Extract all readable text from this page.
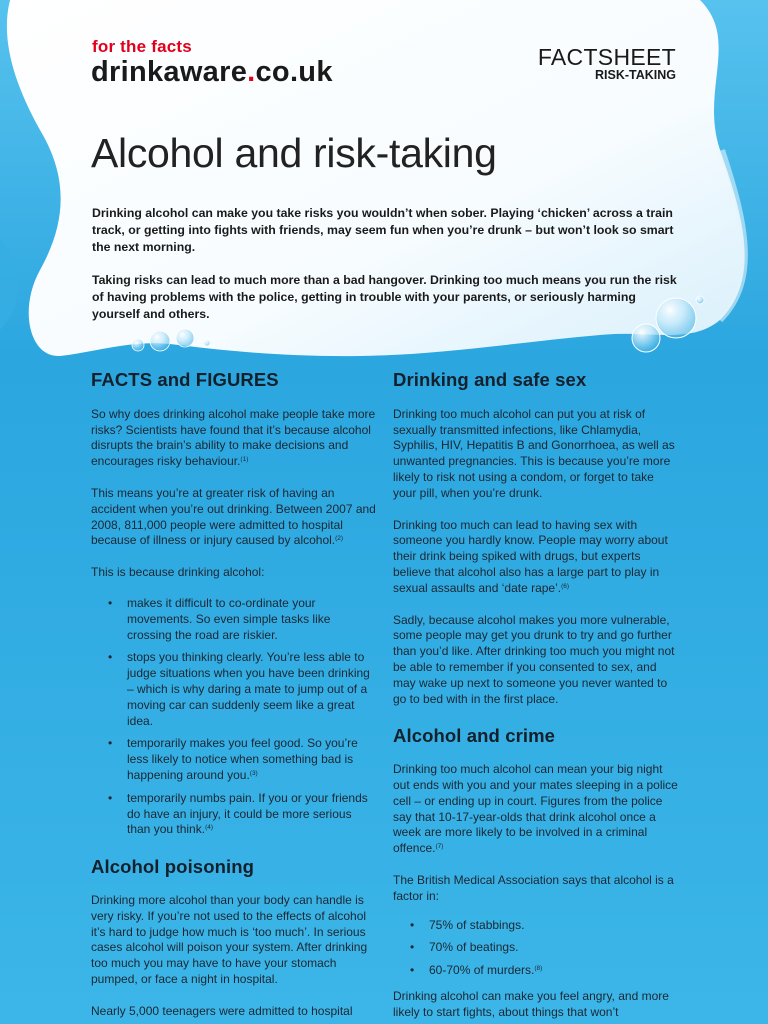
for the facts
drinkaware.co.uk	FACTSHEET
RISK-TAKING
Alcohol and risk-taking

Drinking alcohol can make you take risks you wouldn’t when sober. Playing ‘chicken’ across a train track, or getting into fights with friends, may seem fun when you’re drunk – but won’t look so smart the next morning.

Taking risks can lead to much more than a bad hangover. Drinking too much means you run the risk of having problems with the police, getting in trouble with your parents, or seriously harming yourself and others.

FACTS and FIGURES

So why does drinking alcohol make people take more risks? Scientists have found that it’s because alcohol disrupts the brain’s ability to make decisions and encourages risky behaviour.$^{(1)}$

This means you’re at greater risk of having an accident when you’re out drinking. Between 2007 and 2008, 811,000 people were admitted to hospital because of illness or injury caused by alcohol.$^{(2)}$

This is because drinking alcohol:

• makes it difficult to co-ordinate your movements. So even simple tasks like crossing the road are riskier.
• stops you thinking clearly. You’re less able to judge situations when you have been drinking – which is why daring a mate to jump out of a moving car can suddenly seem like a great idea.
• temporarily makes you feel good. So you’re less likely to notice when something bad is happening around you.$^{(3)}$
• temporarily numbs pain. If you or your friends do have an injury, it could be more serious than you think.$^{(4)}$
Alcohol poisoning

Drinking more alcohol than your body can handle is very risky. If you’re not used to the effects of alcohol it’s hard to judge how much is ‘too much’. In serious cases alcohol will poison your system. After drinking too much you may have to have your stomach pumped, or face a night in hospital.

Nearly 5,000 teenagers were admitted to hospital

Drinking and safe sex

Drinking too much alcohol can put you at risk of sexually transmitted infections, like Chlamydia, Syphilis, HIV, Hepatitis B and Gonorrhoea, as well as unwanted pregnancies. This is because you’re more likely to risk not using a condom, or forget to take your pill, when you’re drunk.

Drinking too much can lead to having sex with someone you hardly know. People may worry about their drink being spiked with drugs, but experts believe that alcohol also has a large part to play in sexual assaults and ‘date rape’.$^{(6)}$

Sadly, because alcohol makes you more vulnerable, some people may get you drunk to try and go further than you’d like. After drinking too much you might not be able to remember if you consented to sex, and may wake up next to someone you never wanted to go to bed with in the first place.

Alcohol and crime

Drinking too much alcohol can mean your big night out ends with you and your mates sleeping in a police cell – or ending up in court. Figures from the police say that 10-17-year-olds that drink alcohol once a week are more likely to be involved in a criminal offence.$^{(7)}$

The British Medical Association says that alcohol is a factor in:

• 75% of stabbings.
• 70% of beatings.
• 60-70% of murders.$^{(8)}$

Drinking alcohol can make you feel angry, and more likely to start fights, about things that won’t
